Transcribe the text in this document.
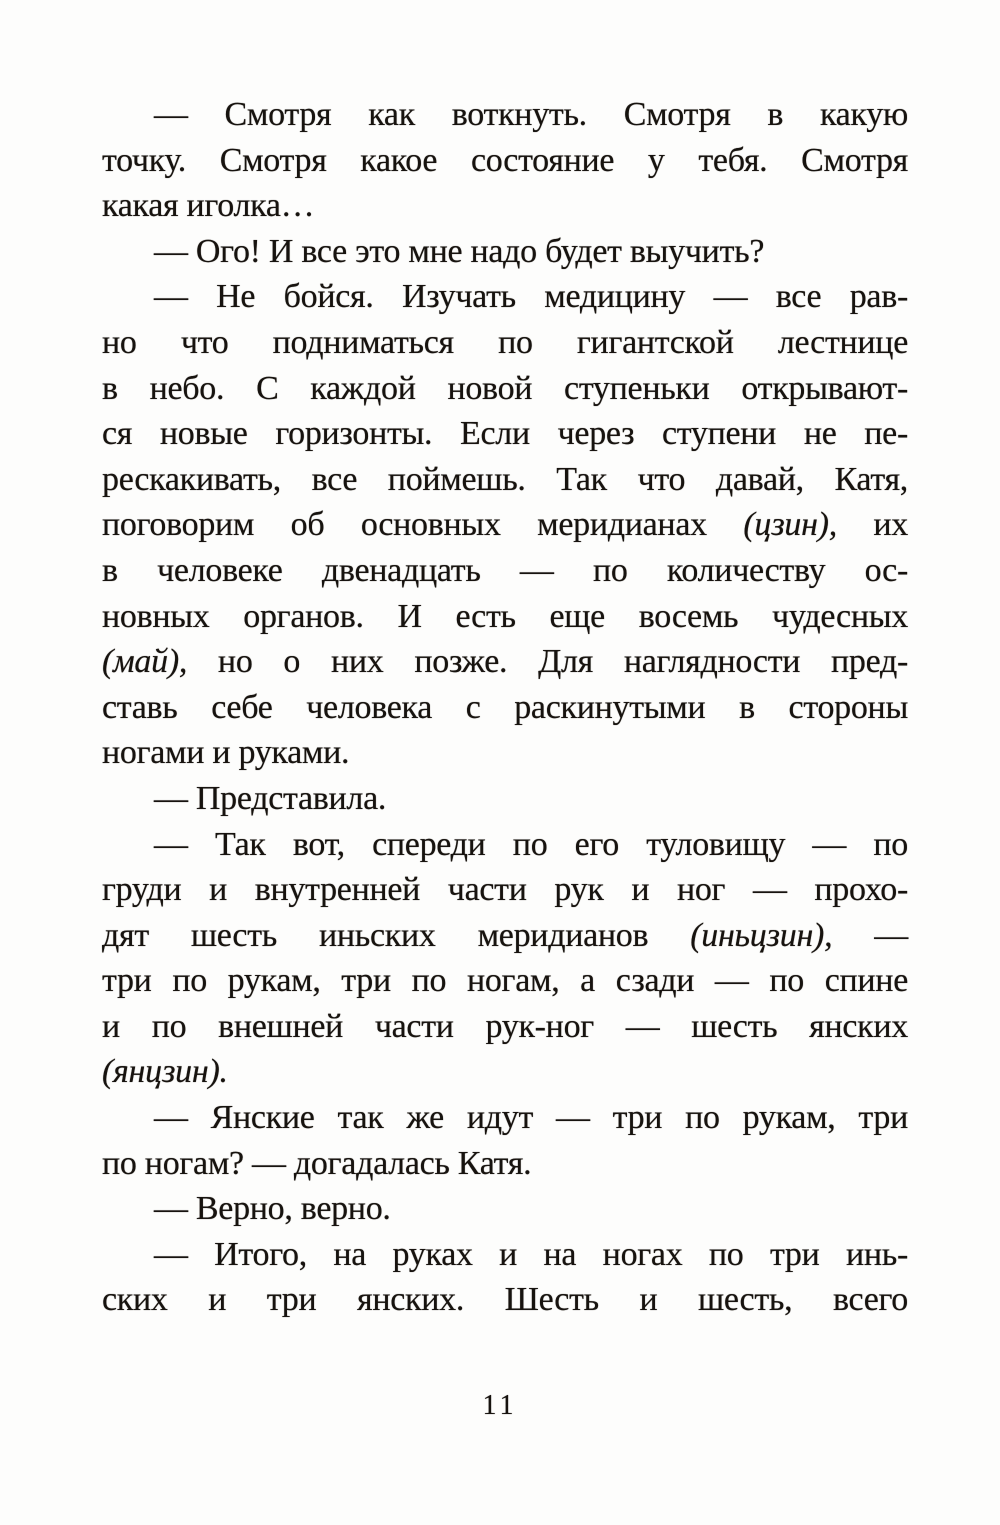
— Смотря как воткнуть. Смотря в какую
точку. Смотря какое состояние у тебя. Смотря
какая иголка…
— Ого! И все это мне надо будет выучить?
— Не бойся. Изучать медицину — все рав-
но что подниматься по гигантской лестнице
в небо. С каждой новой ступеньки открывают-
ся новые горизонты. Если через ступени не пе-
рескакивать, все поймешь. Так что давай, Катя,
поговорим об основных меридианах (цзин), их
в человеке двенадцать — по количеству ос-
новных органов. И есть еще восемь чудесных
(май), но о них позже. Для наглядности пред-
ставь себе человека с раскинутыми в стороны
ногами и руками.
— Представила.
— Так вот, спереди по его туловищу — по
груди и внутренней части рук и ног — прохо-
дят шесть иньских меридианов (иньцзин), —
три по рукам, три по ногам, а сзади — по спине
и по внешней части рук-ног — шесть янских
(янцзин).
— Янские так же идут — три по рукам, три
по ногам? — догадалась Катя.
— Верно, верно.
— Итого, на руках и на ногах по три инь-
ских и три янских. Шесть и шесть, всего
11
